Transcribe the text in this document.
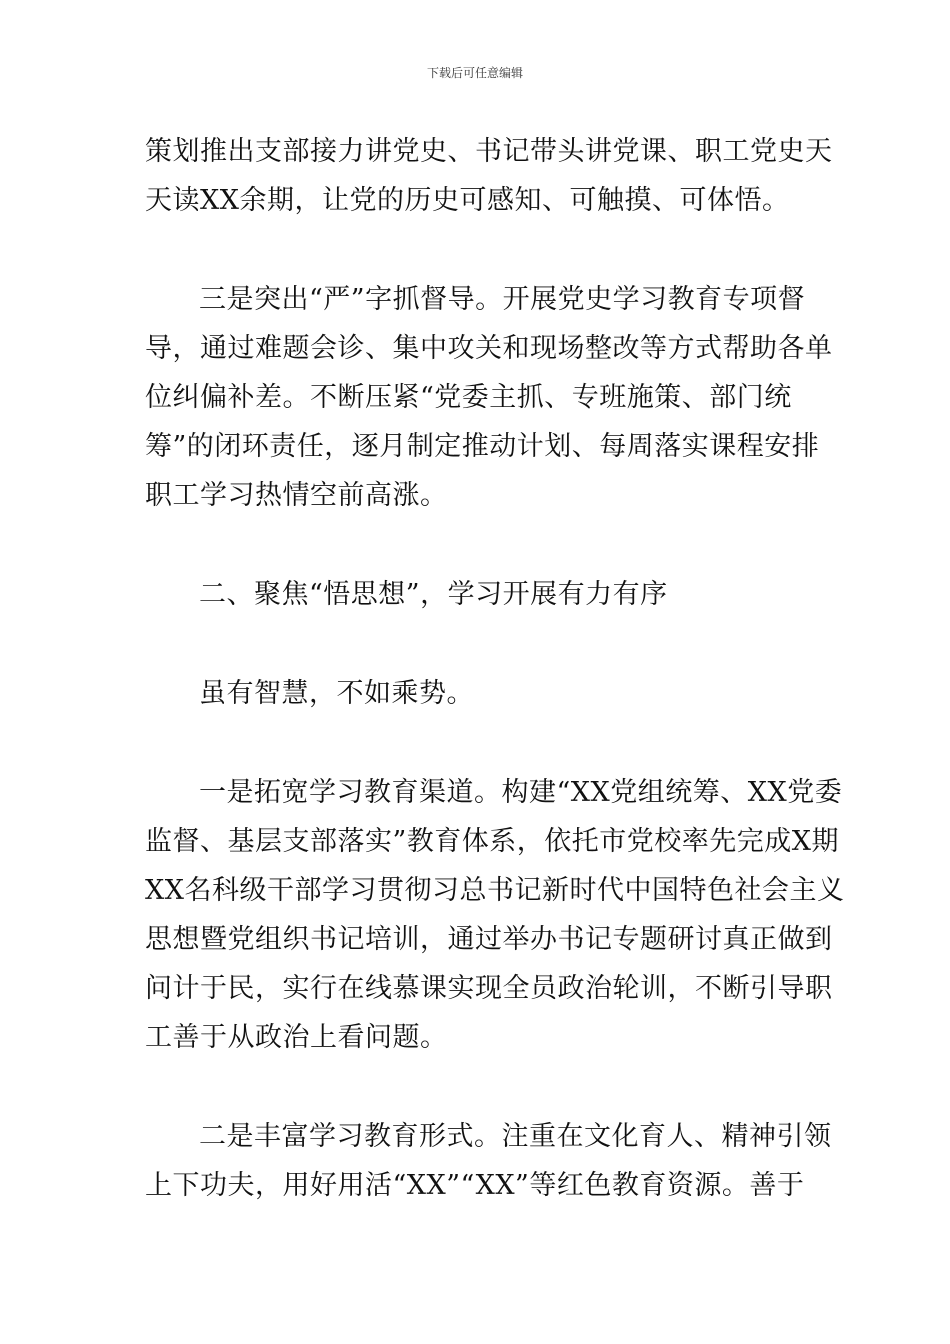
下载后可任意编辑
策划推出支部接力讲党史、书记带头讲党课、职工党史天
天读XX余期，让党的历史可感知、可触摸、可体悟。
三是突出“严”字抓督导。开展党史学习教育专项督
导，通过难题会诊、集中攻关和现场整改等方式帮助各单
位纠偏补差。不断压紧“党委主抓、专班施策、部门统
筹”的闭环责任，逐月制定推动计划、每周落实课程安排
职工学习热情空前高涨。
二、聚焦“悟思想”，学习开展有力有序
虽有智慧，不如乘势。
一是拓宽学习教育渠道。构建“XX党组统筹、XX党委
监督、基层支部落实”教育体系，依托市党校率先完成X期
XX名科级干部学习贯彻习总书记新时代中国特色社会主义
思想暨党组织书记培训，通过举办书记专题研讨真正做到
问计于民，实行在线慕课实现全员政治轮训，不断引导职
工善于从政治上看问题。
二是丰富学习教育形式。注重在文化育人、精神引领
上下功夫，用好用活“XX”“XX”等红色教育资源。善于
